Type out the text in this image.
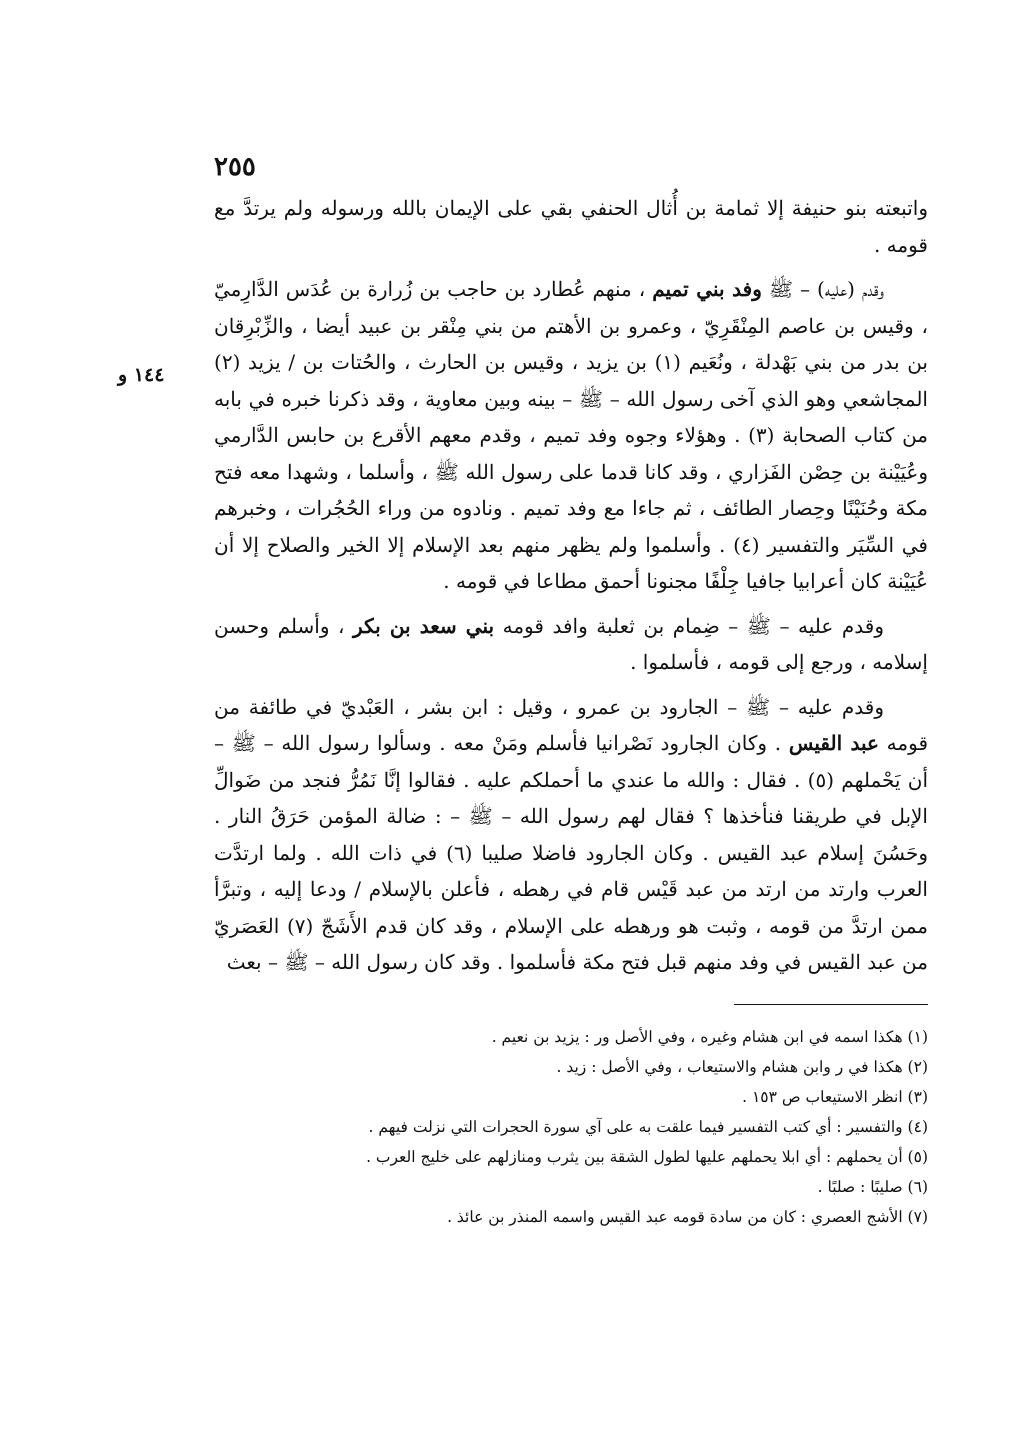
٢٥٥
١٤٤ و

واتبعته بنو حنيفة إلا ثمامة بن أُثال الحنفي بقي على الإيمان بالله ورسوله ولم يرتدَّ مع قومه .

وقدم (عليه) – ﷺ وفد بني تميم ، منهم عُطارد بن حاجب بن زُرارة بن عُدَس الدَّارِميّ ، وقيس بن عاصم المِنْقَرِيّ ، وعمرو بن الأهتم من بني مِنْقر بن عبيد أيضا ، والزِّبْرِقان بن بدر من بني بَهْدلة ، ونُعَيم (١) بن يزيد ، وقيس بن الحارث ، والحُتات بن / يزيد (٢) المجاشعي وهو الذي آخى رسول الله – ﷺ – بينه وبين معاوية ، وقد ذكرنا خبره في بابه من كتاب الصحابة (٣) . وهؤلاء وجوه وفد تميم ، وقدم معهم الأقرع بن حابس الدَّارمي وعُيَيْنة بن حِصْن الفَزاري ، وقد كانا قدما على رسول الله ﷺ ، وأسلما ، وشهدا معه فتح مكة وحُنَيْنًا وحِصار الطائف ، ثم جاءا مع وفد تميم . ونادوه من وراء الحُجُرات ، وخبرهم في السِّيَر والتفسير (٤) . وأسلموا ولم يظهر منهم بعد الإسلام إلا الخير والصلاح إلا أن عُيَيْنة كان أعرابيا جافيا جِلْفًا مجنونا أحمق مطاعا في قومه .

وقدم عليه – ﷺ – ضِمام بن ثعلبة وافد قومه بني سعد بن بكر ، وأسلم وحسن إسلامه ، ورجع إلى قومه ، فأسلموا .

وقدم عليه – ﷺ – الجارود بن عمرو ، وقيل : ابن بشر ، العَبْديّ في طائفة من قومه عبد القيس . وكان الجارود نَصْرانيا فأسلم ومَنْ معه . وسألوا رسول الله – ﷺ – أن يَحْملهم (٥) . فقال : والله ما عندي ما أحملكم عليه . فقالوا إنَّا نَمُرُّ فنجد من ضَوالِّ الإبل في طريقنا فنأخذها ؟ فقال لهم رسول الله – ﷺ – : ضالة المؤمن حَرَقُ النار . وحَسُنَ إسلام عبد القيس . وكان الجارود فاضلا صليبا (٦) في ذات الله . ولما ارتدَّت العرب وارتد من ارتد من عبد قَيْس قام في رهطه ، فأعلن بالإسلام / ودعا إليه ، وتبرَّأ ممن ارتدَّ من قومه ، وثبت هو ورهطه على الإسلام ، وقد كان قدم الأَشَجّ (٧) العَصَريّ من عبد القيس في وفد منهم قبل فتح مكة فأسلموا . وقد كان رسول الله – ﷺ – بعث

(١) هكذا اسمه في ابن هشام وغيره ، وفي الأصل ور : يزيد بن نعيم .
(٢) هكذا في ر وابن هشام والاستيعاب ، وفي الأصل : زيد .
(٣) انظر الاستيعاب ص ١٥٣ .
(٤) والتفسير : أي كتب التفسير فيما علقت به على آي سورة الحجرات التي نزلت فيهم .
(٥) أن يحملهم : أي ابلا يحملهم عليها لطول الشقة بين يثرب ومنازلهم على خليج العرب .
(٦) صليبًا : صلبًا .
(٧) الأشج العصري : كان من سادة قومه عبد القيس واسمه المنذر بن عائذ .
